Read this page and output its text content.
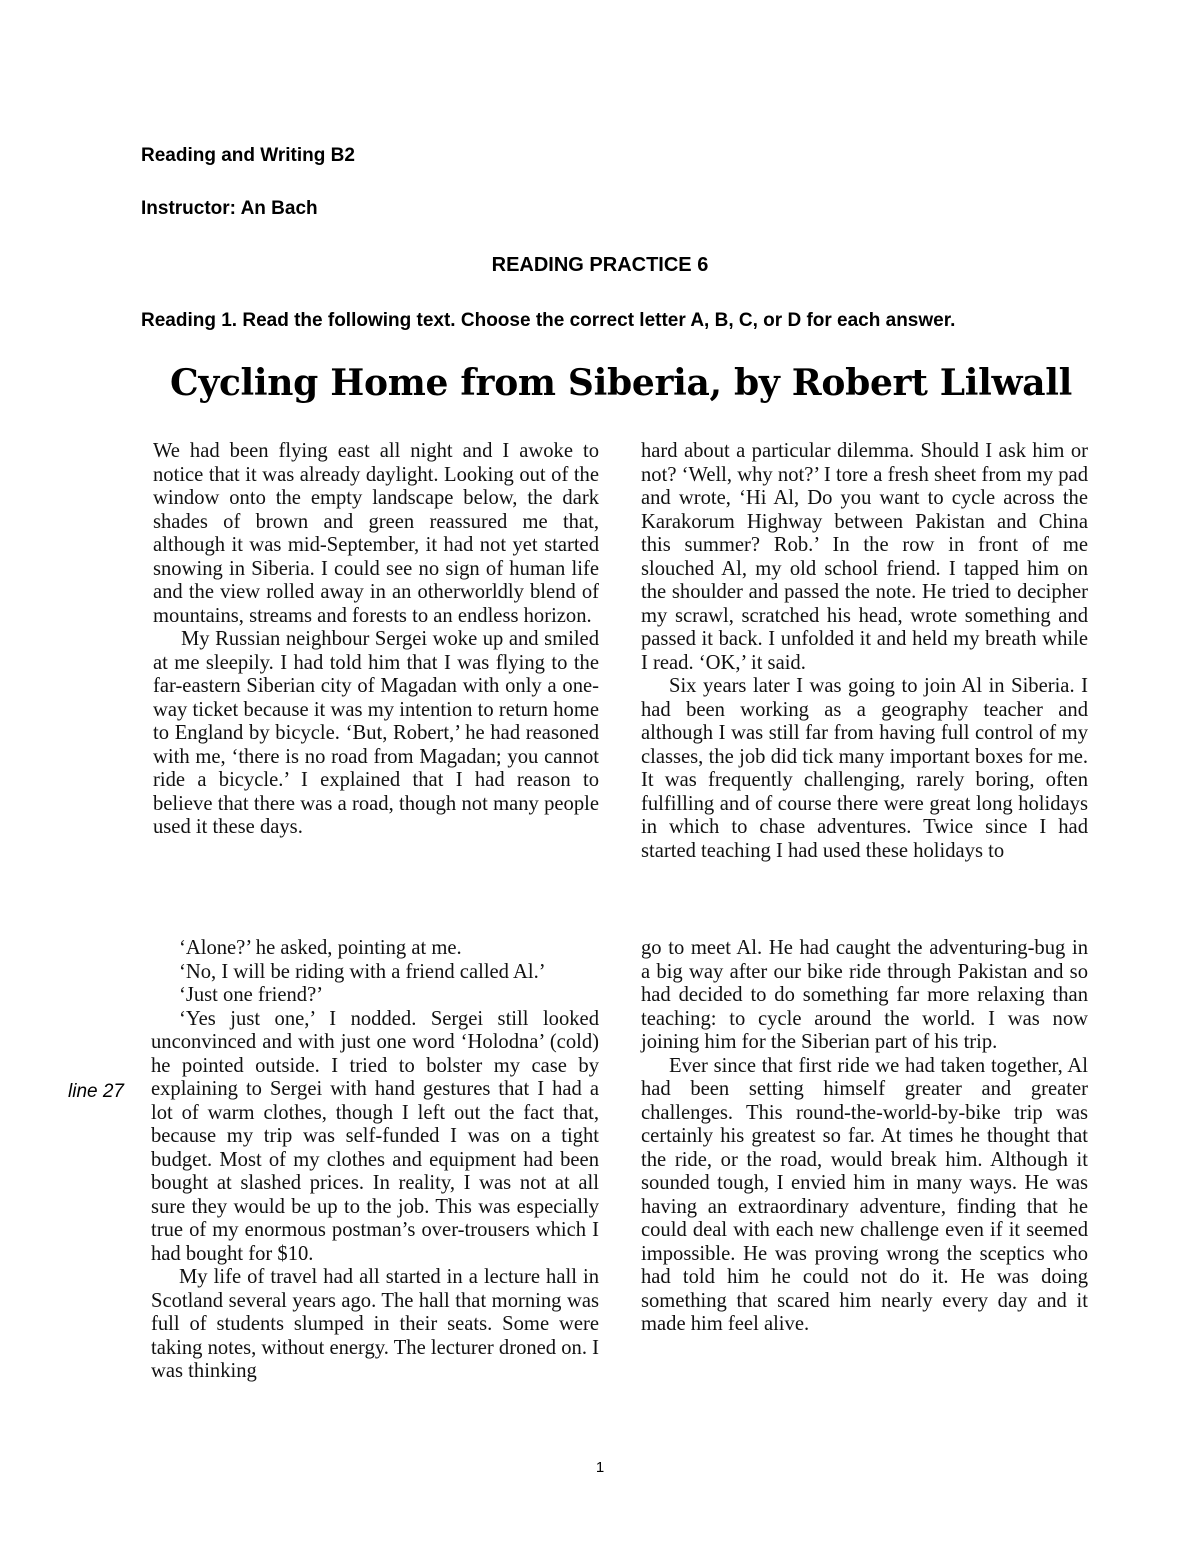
Reading and Writing B2
Instructor: An Bach
READING PRACTICE 6
Reading 1. Read the following text. Choose the correct letter A, B, C, or D for each answer.
Cycling Home from Siberia, by Robert Lilwall

We had been flying east all night and I awoke to notice that it was already daylight. Looking out of the window onto the empty landscape below, the dark shades of brown and green reassured me that, although it was mid-September, it had not yet started snowing in Siberia. I could see no sign of human life and the view rolled away in an otherworldly blend of mountains, streams and forests to an endless horizon.

My Russian neighbour Sergei woke up and smiled at me sleepily. I had told him that I was flying to the far-eastern Siberian city of Magadan with only a one-way ticket because it was my intention to return home to England by bicycle. ‘But, Robert,’ he had reasoned with me, ‘there is no road from Magadan; you cannot ride a bicycle.’ I explained that I had reason to believe that there was a road, though not many people used it these days.

hard about a particular dilemma. Should I ask him or not? ‘Well, why not?’ I tore a fresh sheet from my pad and wrote, ‘Hi Al, Do you want to cycle across the Karakorum Highway between Pakistan and China this summer? Rob.’ In the row in front of me slouched Al, my old school friend. I tapped him on the shoulder and passed the note. He tried to decipher my scrawl, scratched his head, wrote something and passed it back. I unfolded it and held my breath while I read. ‘OK,’ it said.

Six years later I was going to join Al in Siberia. I had been working as a geography teacher and although I was still far from having full control of my classes, the job did tick many important boxes for me. It was frequently challenging, rarely boring, often fulfilling and of course there were great long holidays in which to chase adventures. Twice since I had started teaching I had used these holidays to

‘Alone?’ he asked, pointing at me.

‘No, I will be riding with a friend called Al.’

‘Just one friend?’

‘Yes just one,’ I nodded. Sergei still looked unconvinced and with just one word ‘Holodna’ (cold) he pointed outside. I tried to bolster my case by explaining to Sergei with hand gestures that I had a lot of warm clothes, though I left out the fact that, because my trip was self-funded I was on a tight budget. Most of my clothes and equipment had been bought at slashed prices. In reality, I was not at all sure they would be up to the job. This was especially true of my enormous postman’s over-trousers which I had bought for $10.

My life of travel had all started in a lecture hall in Scotland several years ago. The hall that morning was full of students slumped in their seats. Some were taking notes, without energy. The lecturer droned on. I was thinking

go to meet Al. He had caught the adventuring-bug in a big way after our bike ride through Pakistan and so had decided to do something far more relaxing than teaching: to cycle around the world. I was now joining him for the Siberian part of his trip.

Ever since that first ride we had taken together, Al had been setting himself greater and greater challenges. This round-the-world-by-bike trip was certainly his greatest so far. At times he thought that the ride, or the road, would break him. Although it sounded tough, I envied him in many ways. He was having an extraordinary adventure, finding that he could deal with each new challenge even if it seemed impossible. He was proving wrong the sceptics who had told him he could not do it. He was doing something that scared him nearly every day and it made him feel alive.

line 27
1
